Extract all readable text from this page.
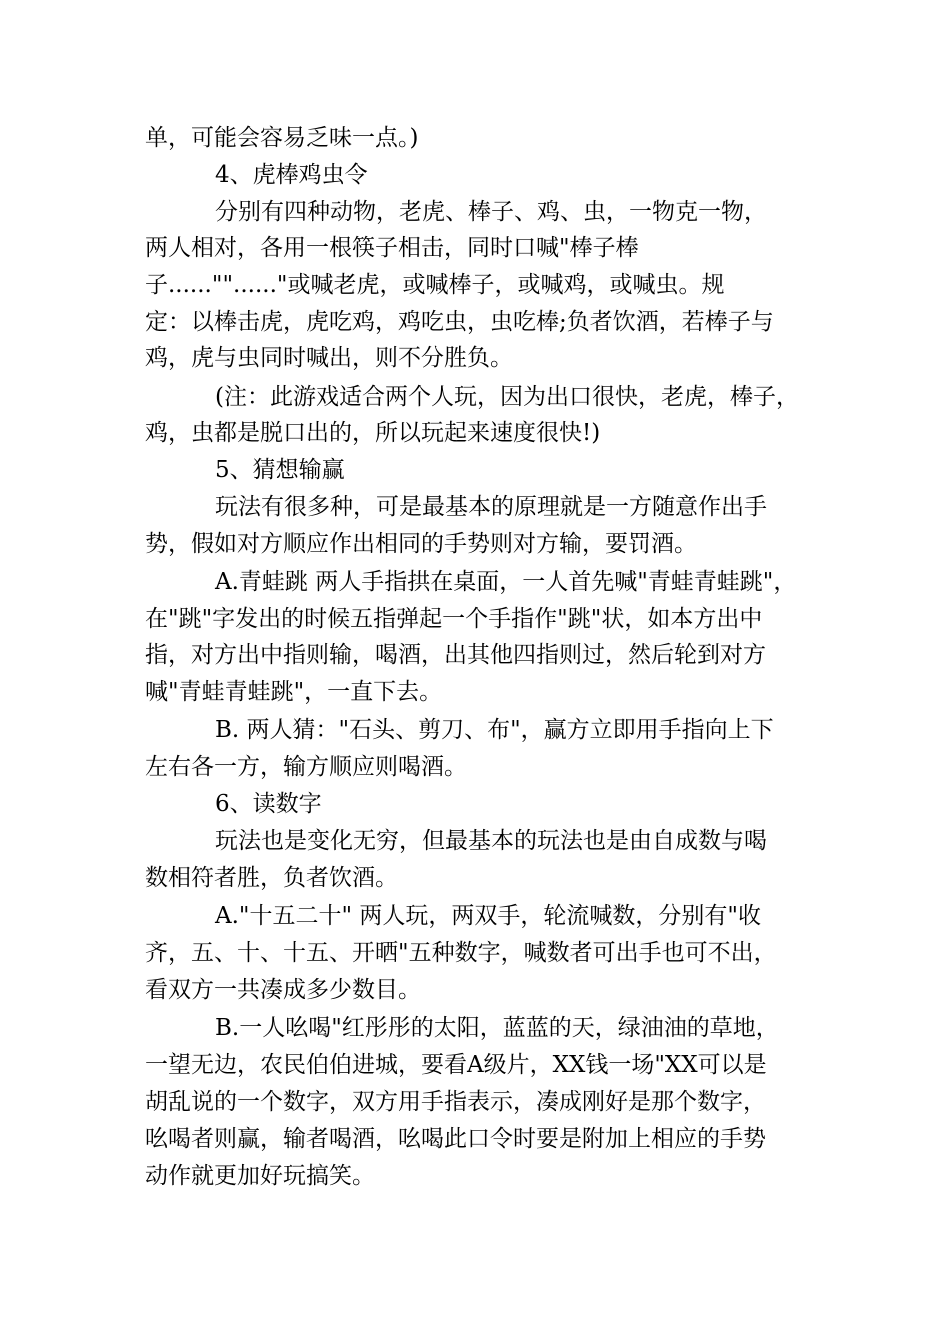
单，可能会容易乏味一点。)

4、虎棒鸡虫令

分别有四种动物，老虎、棒子、鸡、虫，一物克一物，

两人相对，各用一根筷子相击，同时口喊"棒子棒

子......""......"或喊老虎，或喊棒子，或喊鸡，或喊虫。规

定：以棒击虎，虎吃鸡，鸡吃虫，虫吃棒;负者饮酒，若棒子与

鸡，虎与虫同时喊出，则不分胜负。

(注：此游戏适合两个人玩，因为出口很快，老虎，棒子，

鸡，虫都是脱口出的，所以玩起来速度很快!)

5、猜想输赢

玩法有很多种，可是最基本的原理就是一方随意作出手

势，假如对方顺应作出相同的手势则对方输，要罚酒。

A.青蛙跳 两人手指拱在桌面，一人首先喊"青蛙青蛙跳"，

在"跳"字发出的时候五指弹起一个手指作"跳"状，如本方出中

指，对方出中指则输，喝酒，出其他四指则过，然后轮到对方

喊"青蛙青蛙跳"，一直下去。

B. 两人猜："石头、剪刀、布"，赢方立即用手指向上下

左右各一方，输方顺应则喝酒。

6、读数字

玩法也是变化无穷，但最基本的玩法也是由自成数与喝

数相符者胜，负者饮酒。

A."十五二十" 两人玩，两双手，轮流喊数，分别有"收

齐，五、十、十五、开晒"五种数字，喊数者可出手也可不出，

看双方一共凑成多少数目。

B.一人吆喝"红彤彤的太阳，蓝蓝的天，绿油油的草地，

一望无边，农民伯伯进城，要看A级片，XX钱一场"XX可以是

胡乱说的一个数字，双方用手指表示，凑成刚好是那个数字，

吆喝者则赢，输者喝酒，吆喝此口令时要是附加上相应的手势

动作就更加好玩搞笑。
